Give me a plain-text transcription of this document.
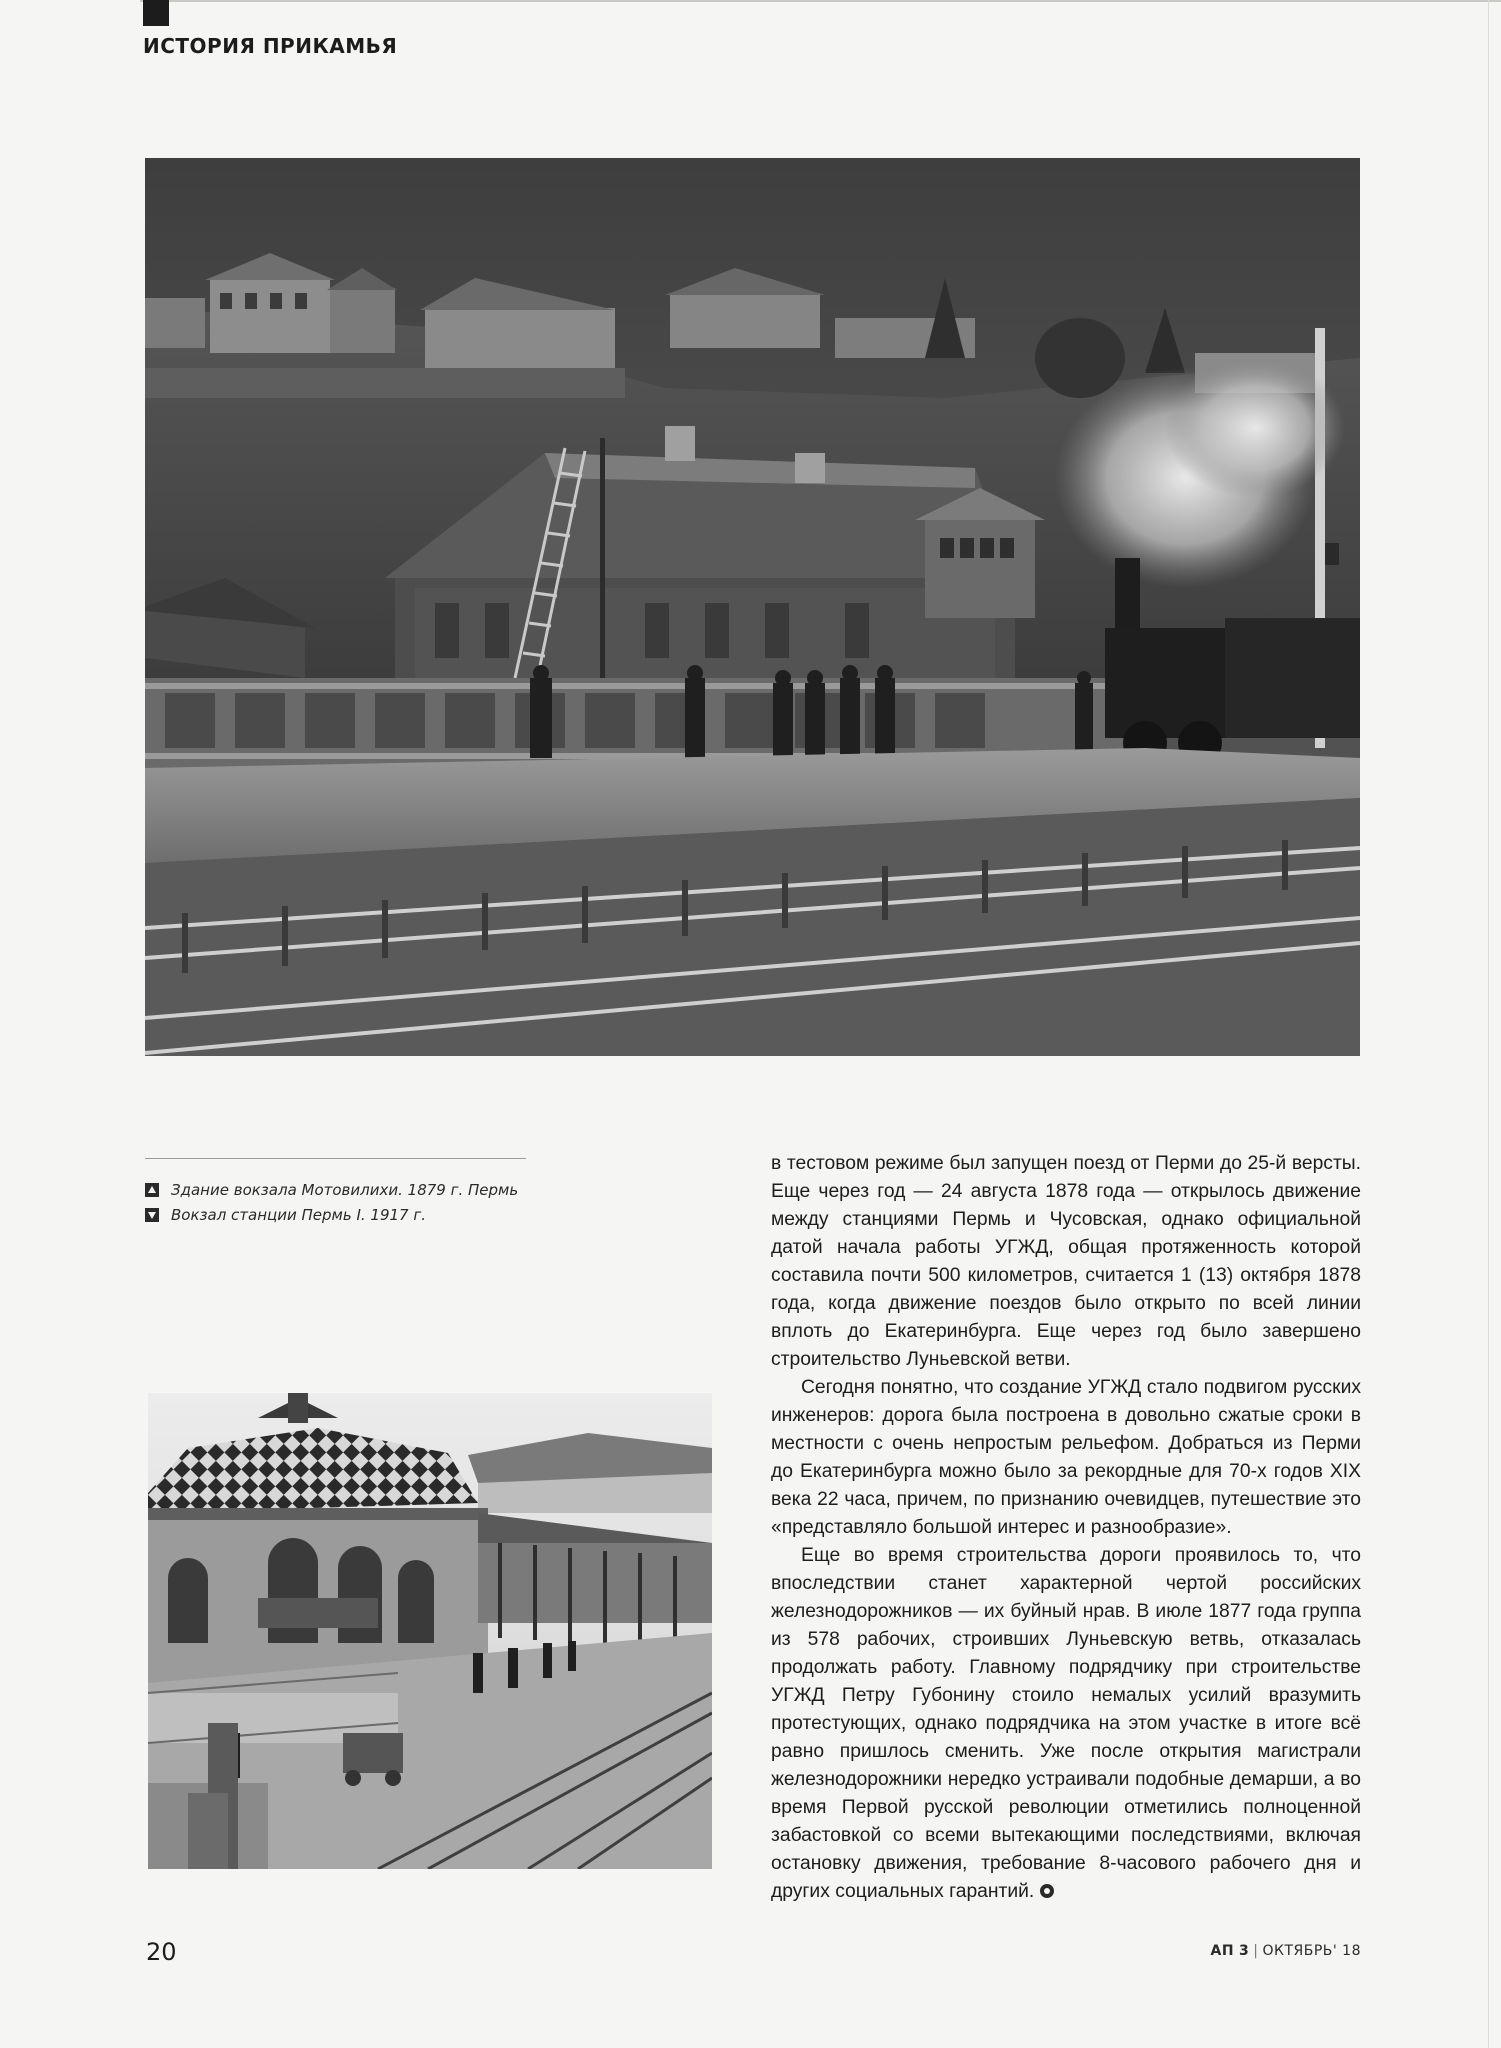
ИСТОРИЯ ПРИКАМЬЯ
Здание вокзала Мотовилихи. 1879 г. Пермь
Вокзал станции Пермь I. 1917 г.

в тестовом режиме был запущен поезд от Перми до 25-й версты. Еще через год — 24 августа 1878 года — открылось движение между станциями Пермь и Чусовская, однако официальной датой начала работы УГЖД, общая протяженность которой составила почти 500 километров, считается 1 (13) октября 1878 года, когда движение поездов было открыто по всей линии вплоть до Екатеринбурга. Еще через год было завершено строительство Луньевской ветви.

Сегодня понятно, что создание УГЖД стало подвигом русских инженеров: дорога была построена в довольно сжатые сроки в местности с очень непростым рельефом. Добраться из Перми до Екатеринбурга можно было за рекордные для 70-х годов XIX века 22 часа, причем, по признанию очевидцев, путешествие это «представляло большой интерес и разнообразие».

Еще во время строительства дороги проявилось то, что впоследствии станет характерной чертой российских железнодорожников — их буйный нрав. В июле 1877 года группа из 578 рабочих, строивших Луньевскую ветвь, отказалась продолжать работу. Главному подрядчику при строительстве УГЖД Петру Губонину стоило немалых усилий вразумить протестующих, однако подрядчика на этом участке в итоге всё равно пришлось сменить. Уже после открытия магистрали железнодорожники нередко устраивали подобные демарши, а во время Первой русской революции отметились полноценной забастовкой со всеми вытекающими последствиями, включая остановку движения, требование 8-часового рабочего дня и других социальных гарантий.

20	АП 3 | ОКТЯБРЬ' 18
